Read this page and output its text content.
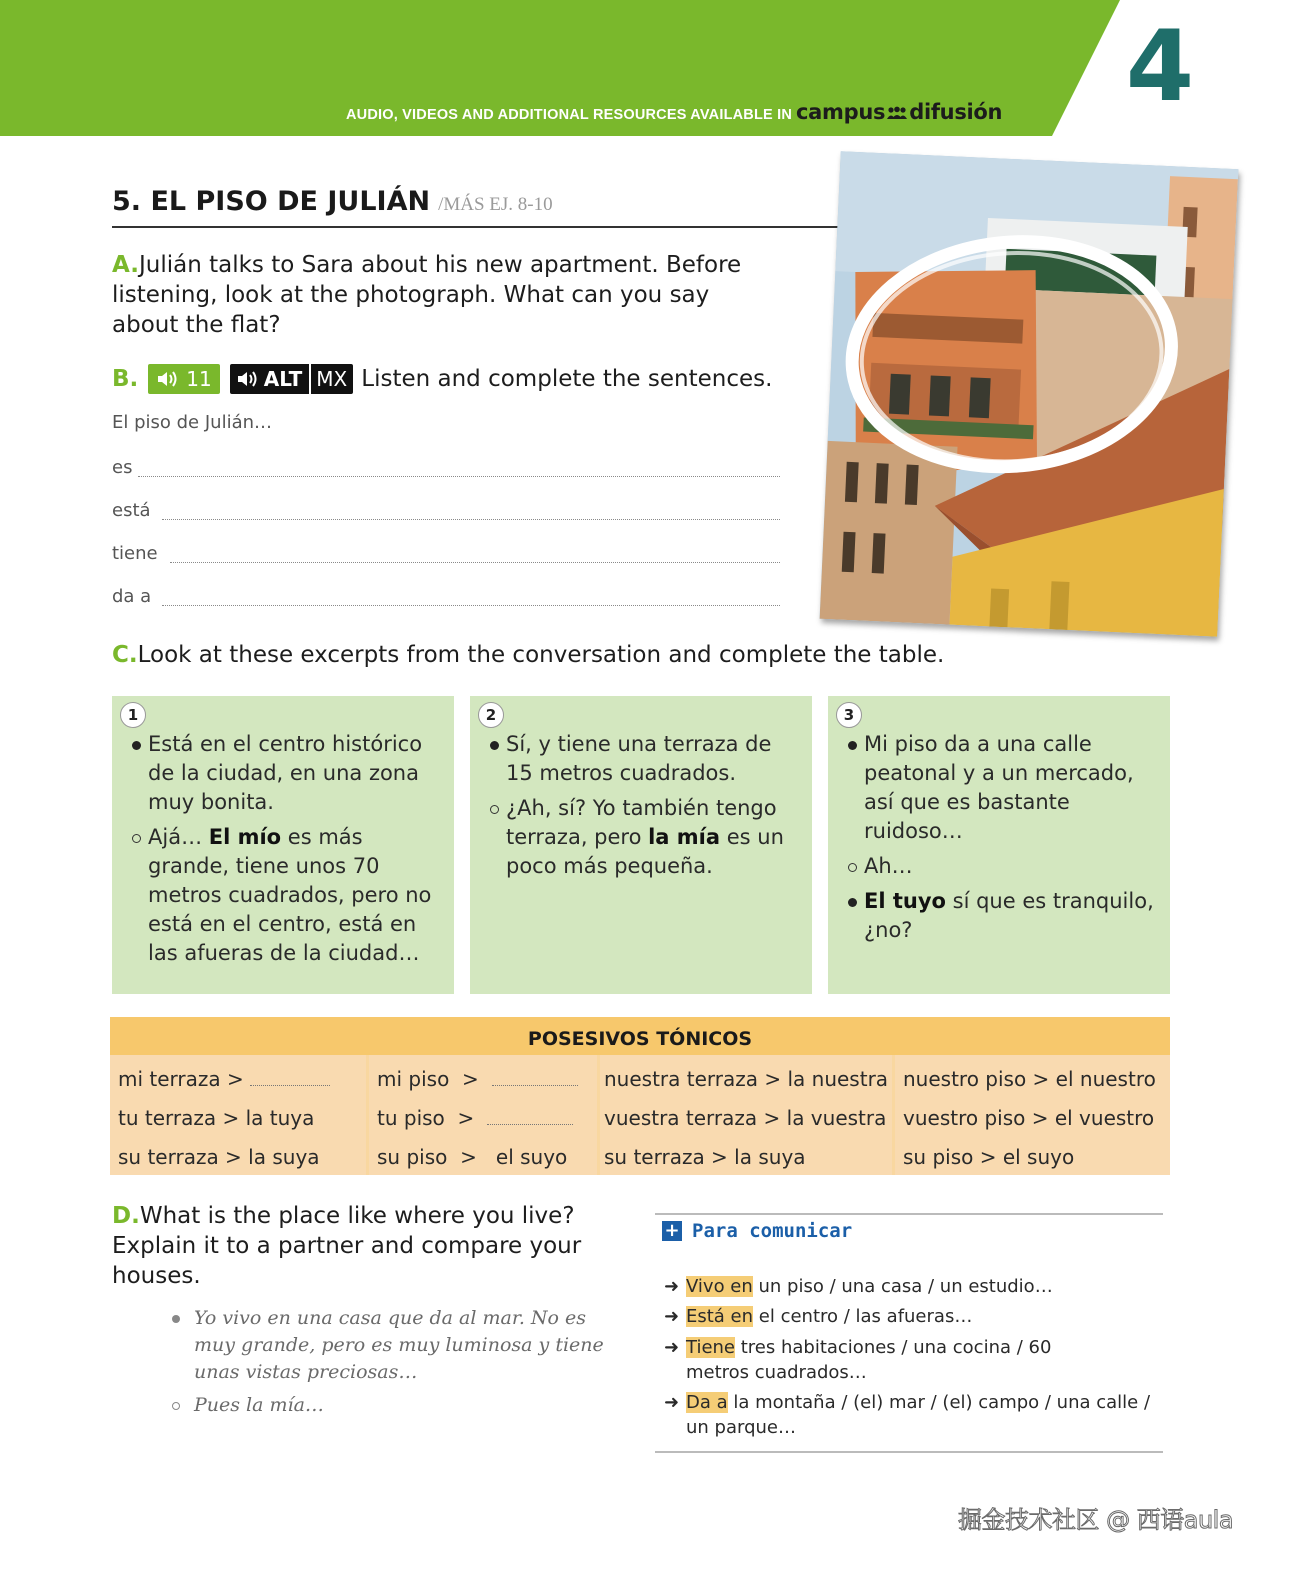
AUDIO, VIDEOS AND ADDITIONAL RESOURCES AVAILABLE IN campus difusión 4
5. EL PISO DE JULIÁN /MÁS EJ. 8-10
A.Julián talks to Sara about his new apartment. Before listening, look at the photograph. What can you say about the flat?
B. 11	ALT MX Listen and complete the sentences.
El piso de Julián…
es
está
tiene
da a
C.Look at these excerpts from the conversation and complete the table.
1
Está en el centro histórico de la ciudad, en una zona muy bonita.
Ajá… El mío es más grande, tiene unos 70 metros cuadrados, pero no está en el centro, está en las afueras de la ciudad…
2
Sí, y tiene una terraza de 15 metros cuadrados.
¿Ah, sí? Yo también tengo terraza, pero la mía es un poco más pequeña.
3
Mi piso da a una calle peatonal y a un mercado, así que es bastante ruidoso…
Ah…
El tuyo sí que es tranquilo, ¿no?
POSESIVOS TÓNICOS
mi terraza >
tu terraza > la tuya
su terraza > la suya
mi piso  >
tu piso  >
su piso  >   el suyo
nuestra terraza > la nuestra
vuestra terraza > la vuestra
su terraza > la suya
nuestro piso > el nuestro
vuestro piso > el vuestro
su piso > el suyo
D.What is the place like where you live? Explain it to a partner and compare your houses.
Yo vivo en una casa que da al mar. No es muy grande, pero es muy luminosa y tiene unas vistas preciosas…
Pues la mía…
+ Para comunicar
➜ Vivo en un piso / una casa / un estudio…
➜ Está en el centro / las afueras…
➜ Tiene tres habitaciones / una cocina / 60 metros cuadrados…
➜ Da a la montaña / (el) mar / (el) campo / una calle / un parque…
掘金技术社区 @ 西语aula
